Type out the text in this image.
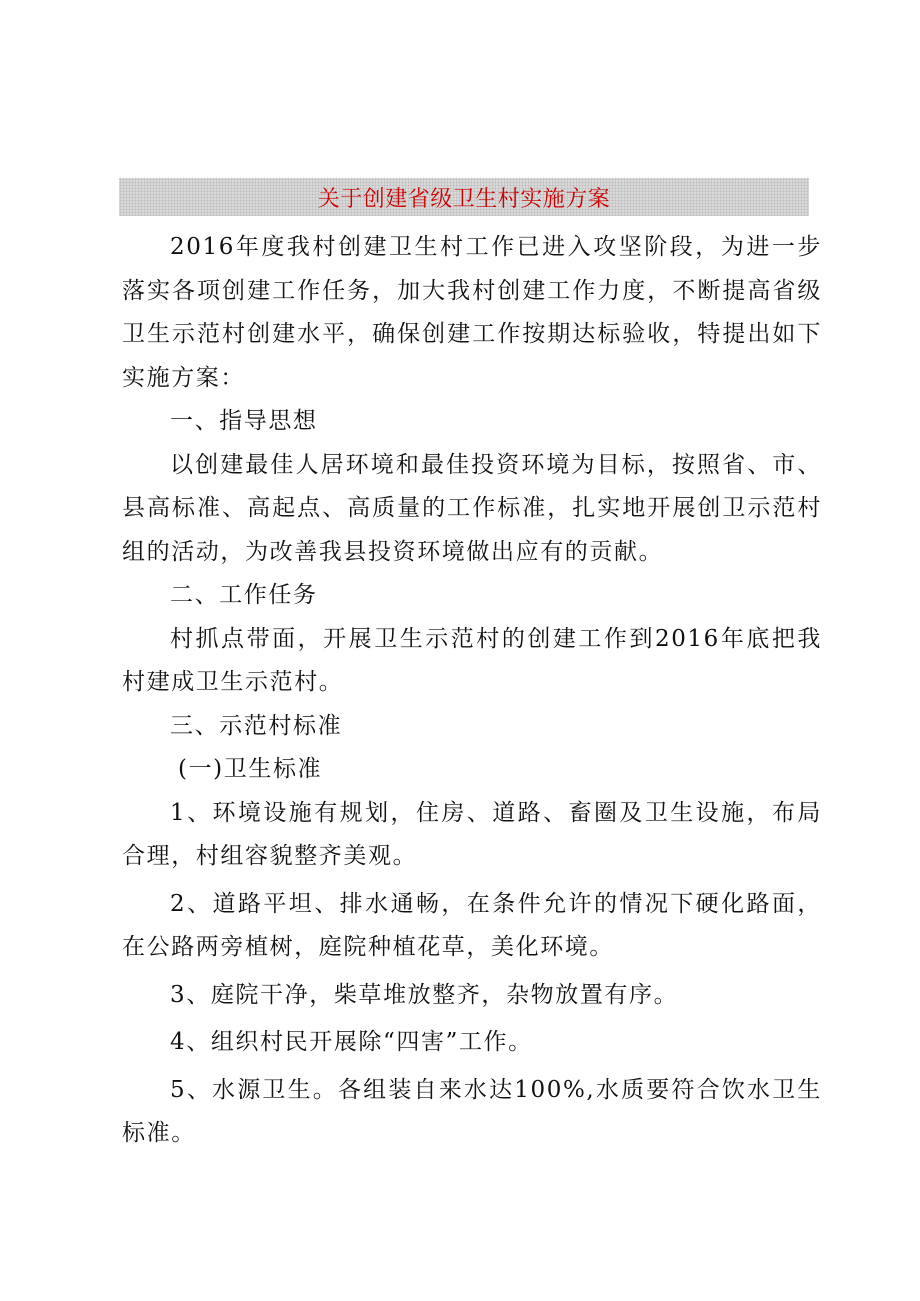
关于创建省级卫生村实施方案

2016年度我村创建卫生村工作已进入攻坚阶段，为进一步落实各项创建工作任务，加大我村创建工作力度，不断提高省级卫生示范村创建水平，确保创建工作按期达标验收，特提出如下实施方案：

一、指导思想

以创建最佳人居环境和最佳投资环境为目标，按照省、市、县高标准、高起点、高质量的工作标准，扎实地开展创卫示范村组的活动，为改善我县投资环境做出应有的贡献。

二、工作任务

村抓点带面，开展卫生示范村的创建工作到2016年底把我村建成卫生示范村。

三、示范村标准

(一)卫生标准

1、环境设施有规划，住房、道路、畜圈及卫生设施，布局合理，村组容貌整齐美观。

2、道路平坦、排水通畅，在条件允许的情况下硬化路面，在公路两旁植树，庭院种植花草，美化环境。

3、庭院干净，柴草堆放整齐，杂物放置有序。

4、组织村民开展除“四害”工作。

5、水源卫生。各组装自来水达100%,水质要符合饮水卫生标准。
